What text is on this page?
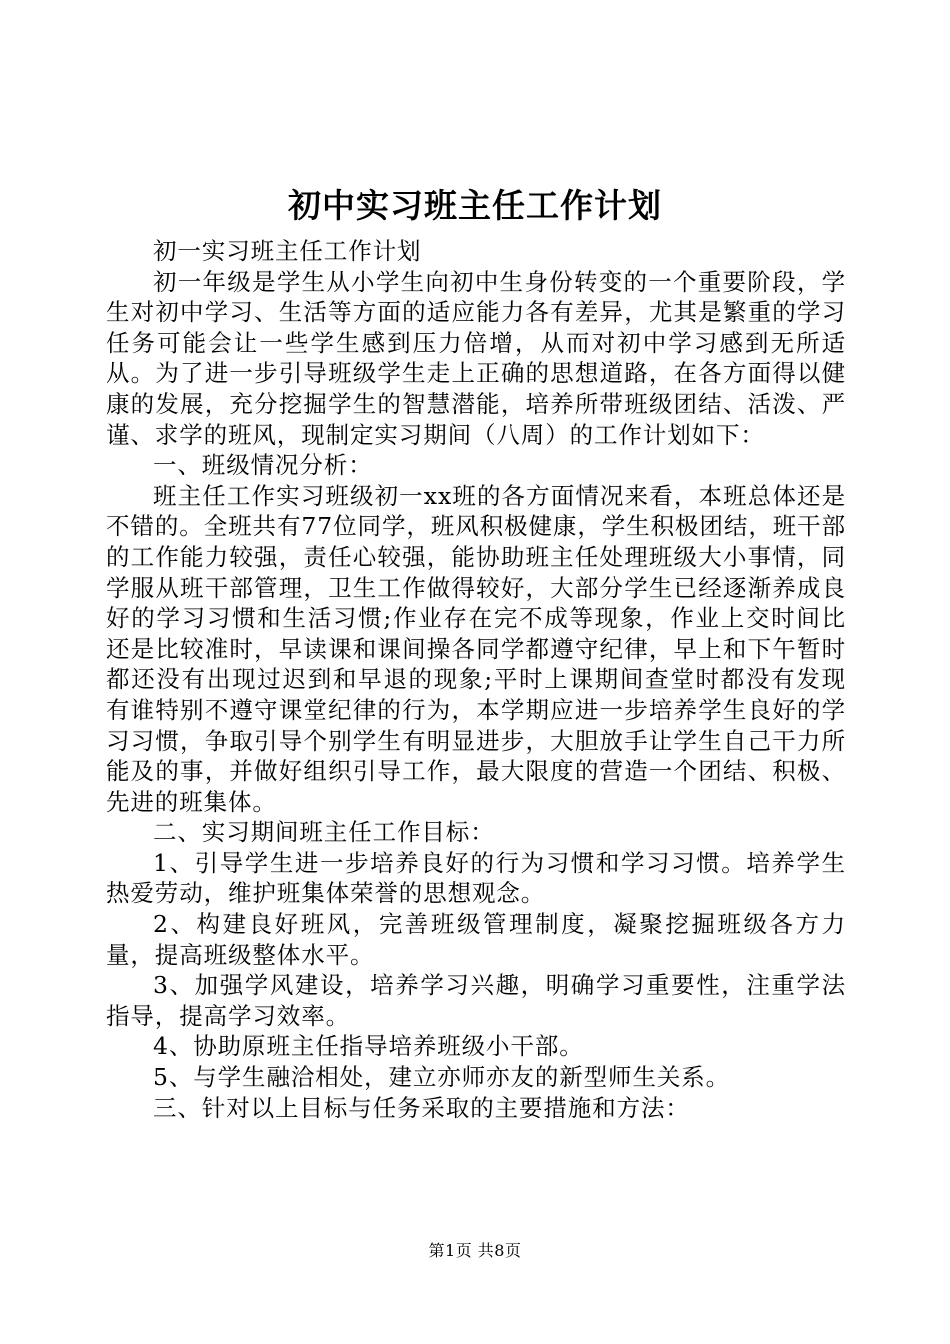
初中实习班主任工作计划

初一实习班主任工作计划

初一年级是学生从小学生向初中生身份转变的一个重要阶段，学生对初中学习、生活等方面的适应能力各有差异，尤其是繁重的学习任务可能会让一些学生感到压力倍增，从而对初中学习感到无所适从。为了进一步引导班级学生走上正确的思想道路，在各方面得以健康的发展，充分挖掘学生的智慧潜能，培养所带班级团结、活泼、严谨、求学的班风，现制定实习期间（八周）的工作计划如下：

一、班级情况分析：

班主任工作实习班级初一xx班的各方面情况来看，本班总体还是不错的。全班共有77位同学，班风积极健康，学生积极团结，班干部的工作能力较强，责任心较强，能协助班主任处理班级大小事情，同学服从班干部管理，卫生工作做得较好，大部分学生已经逐渐养成良好的学习习惯和生活习惯;作业存在完不成等现象，作业上交时间比还是比较准时，早读课和课间操各同学都遵守纪律，早上和下午暂时都还没有出现过迟到和早退的现象;平时上课期间查堂时都没有发现有谁特别不遵守课堂纪律的行为，本学期应进一步培养学生良好的学习习惯，争取引导个别学生有明显进步，大胆放手让学生自己干力所能及的事，并做好组织引导工作，最大限度的营造一个团结、积极、先进的班集体。

二、实习期间班主任工作目标：

1、引导学生进一步培养良好的行为习惯和学习习惯。培养学生热爱劳动，维护班集体荣誉的思想观念。

2、构建良好班风，完善班级管理制度，凝聚挖掘班级各方力量，提高班级整体水平。

3、加强学风建设，培养学习兴趣，明确学习重要性，注重学法指导，提高学习效率。

4、协助原班主任指导培养班级小干部。

5、与学生融洽相处，建立亦师亦友的新型师生关系。

三、针对以上目标与任务采取的主要措施和方法：

第1页 共8页
